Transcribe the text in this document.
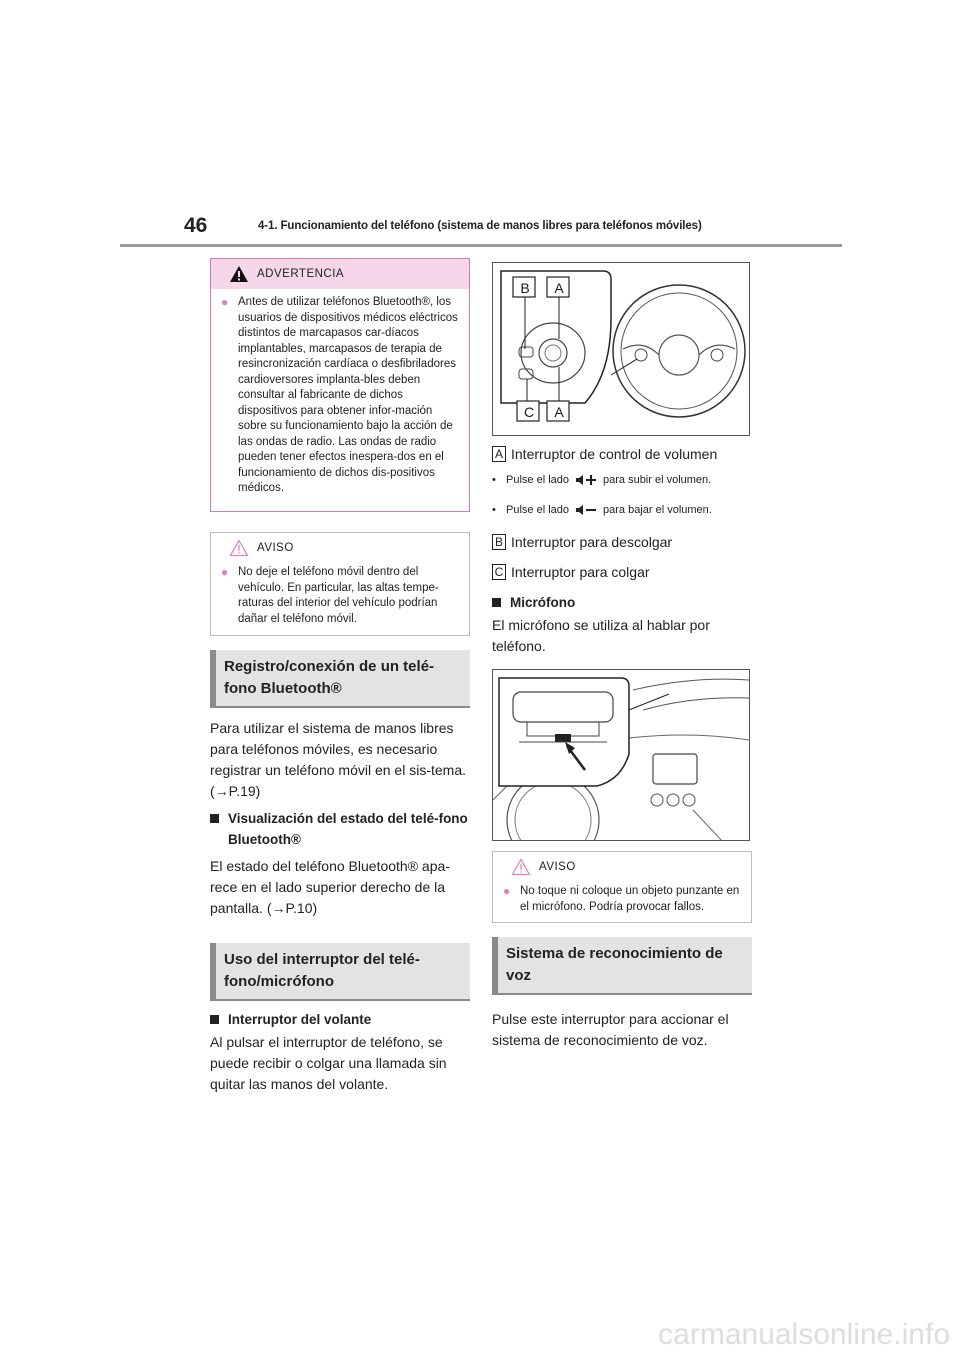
46	4-1. Funcionamiento del teléfono (sistema de manos libres para teléfonos móviles)
ADVERTENCIA
● Antes de utilizar teléfonos Bluetooth®, los usuarios de dispositivos médicos eléctricos distintos de marcapasos car-díacos implantables, marcapasos de terapia de resincronización cardíaca o desfibriladores cardioversores implanta-bles deben consultar al fabricante de dichos dispositivos para obtener infor-mación sobre su funcionamiento bajo la acción de las ondas de radio. Las ondas de radio pueden tener efectos inespera-dos en el funcionamiento de dichos dis-positivos médicos.
AVISO
● No deje el teléfono móvil dentro del vehículo. En particular, las altas tempe-raturas del interior del vehículo podrían dañar el teléfono móvil.
Registro/conexión de un telé-fono Bluetooth®
Para utilizar el sistema de manos libres para teléfonos móviles, es necesario registrar un teléfono móvil en el sis-tema. (→P.19)
Visualización del estado del telé-fono Bluetooth®
El estado del teléfono Bluetooth® apa-rece en el lado superior derecho de la pantalla. (→P.10)
Uso del interruptor del telé-fono/micrófono
Interruptor del volante
Al pulsar el interruptor de teléfono, se puede recibir o colgar una llamada sin quitar las manos del volante.
B	A
C	A
A Interruptor de control de volumen
• Pulse el lado	para subir el volumen.
• Pulse el lado	para bajar el volumen.
B Interruptor para descolgar
C Interruptor para colgar
Micrófono
El micrófono se utiliza al hablar por teléfono.
AVISO
● No toque ni coloque un objeto punzante en el micrófono. Podría provocar fallos.
Sistema de reconocimiento de voz
Pulse este interruptor para accionar el sistema de reconocimiento de voz.
carmanualsonline.info
